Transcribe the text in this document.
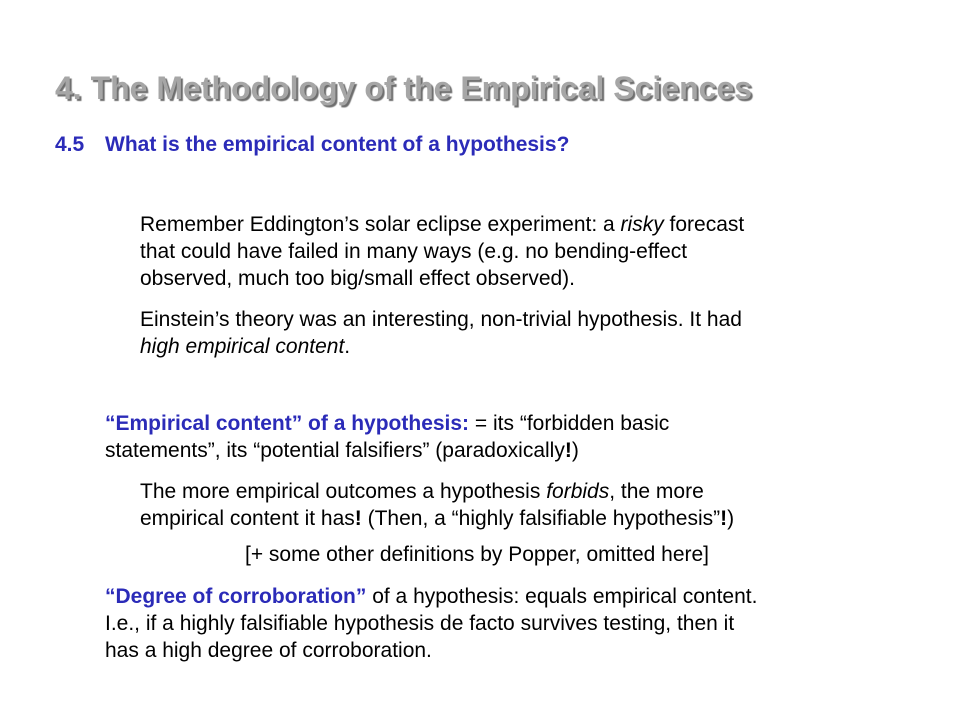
4. The Methodology of the Empirical Sciences
4.5 What is the empirical content of a hypothesis?
Remember Eddington’s solar eclipse experiment: a risky forecast
that could have failed in many ways (e.g. no bending-effect
observed, much too big/small effect observed).
Einstein’s theory was an interesting, non-trivial hypothesis. It had
high empirical content.
“Empirical content” of a hypothesis: = its “forbidden basic
statements”, its “potential falsifiers” (paradoxically!)
The more empirical outcomes a hypothesis forbids, the more
empirical content it has! (Then, a “highly falsifiable hypothesis”!)
[+ some other definitions by Popper, omitted here]
“Degree of corroboration” of a hypothesis: equals empirical content.
I.e., if a highly falsifiable hypothesis de facto survives testing, then it
has a high degree of corroboration.
